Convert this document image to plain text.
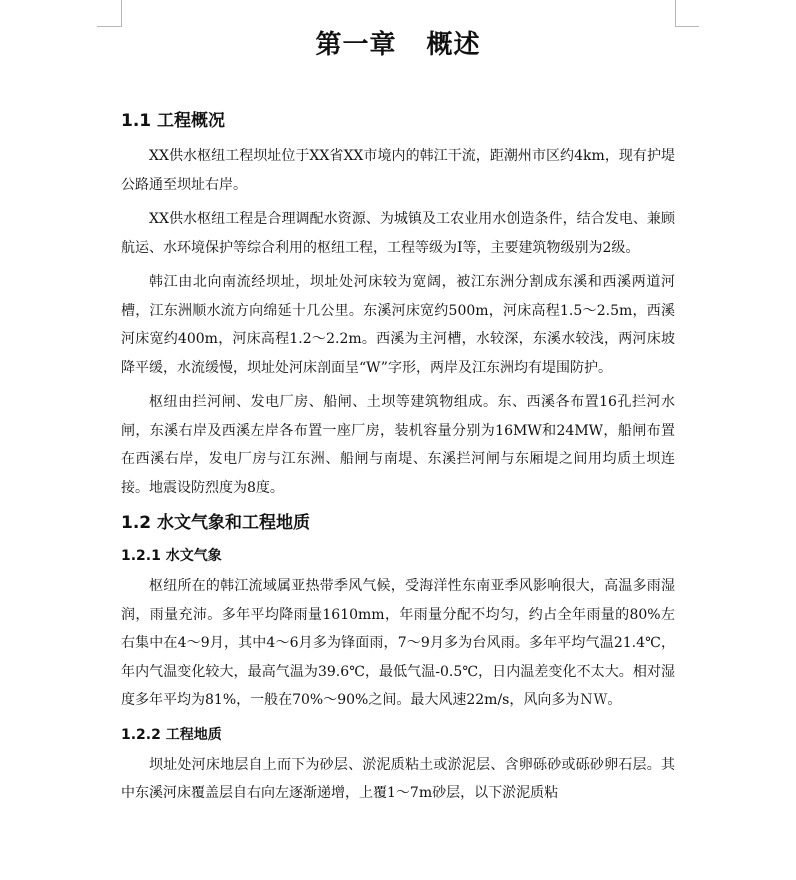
第一章 概述
1.1 工程概况

XX供水枢纽工程坝址位于XX省XX市境内的韩江干流，距潮州市区约4km，现有护堤公路通至坝址右岸。

XX供水枢纽工程是合理调配水资源、为城镇及工农业用水创造条件，结合发电、兼顾航运、水环境保护等综合利用的枢纽工程，工程等级为Ⅰ等，主要建筑物级别为2级。

韩江由北向南流经坝址，坝址处河床较为宽阔，被江东洲分割成东溪和西溪两道河槽，江东洲顺水流方向绵延十几公里。东溪河床宽约500m，河床高程1.5～2.5m，西溪河床宽约400m，河床高程1.2～2.2m。西溪为主河槽，水较深，东溪水较浅，两河床坡降平缓，水流缓慢，坝址处河床剖面呈“W”字形，两岸及江东洲均有堤围防护。

枢纽由拦河闸、发电厂房、船闸、土坝等建筑物组成。东、西溪各布置16孔拦河水闸，东溪右岸及西溪左岸各布置一座厂房，装机容量分别为16MW和24MW，船闸布置在西溪右岸，发电厂房与江东洲、船闸与南堤、东溪拦河闸与东厢堤之间用均质土坝连接。地震设防烈度为8度。

1.2 水文气象和工程地质
1.2.1 水文气象

枢纽所在的韩江流域属亚热带季风气候，受海洋性东南亚季风影响很大，高温多雨湿润，雨量充沛。多年平均降雨量1610mm，年雨量分配不均匀，约占全年雨量的80%左右集中在4～9月，其中4～6月多为锋面雨，7～9月多为台风雨。多年平均气温21.4℃，年内气温变化较大，最高气温为39.6℃，最低气温-0.5℃，日内温差变化不太大。相对湿度多年平均为81%，一般在70%～90%之间。最大风速22m/s，风向多为ＮＷ。

1.2.2 工程地质

坝址处河床地层自上而下为砂层、淤泥质粘土或淤泥层、含卵砾砂或砾砂卵石层。其中东溪河床覆盖层自右向左逐渐递增，上覆1～7m砂层，以下淤泥质粘
